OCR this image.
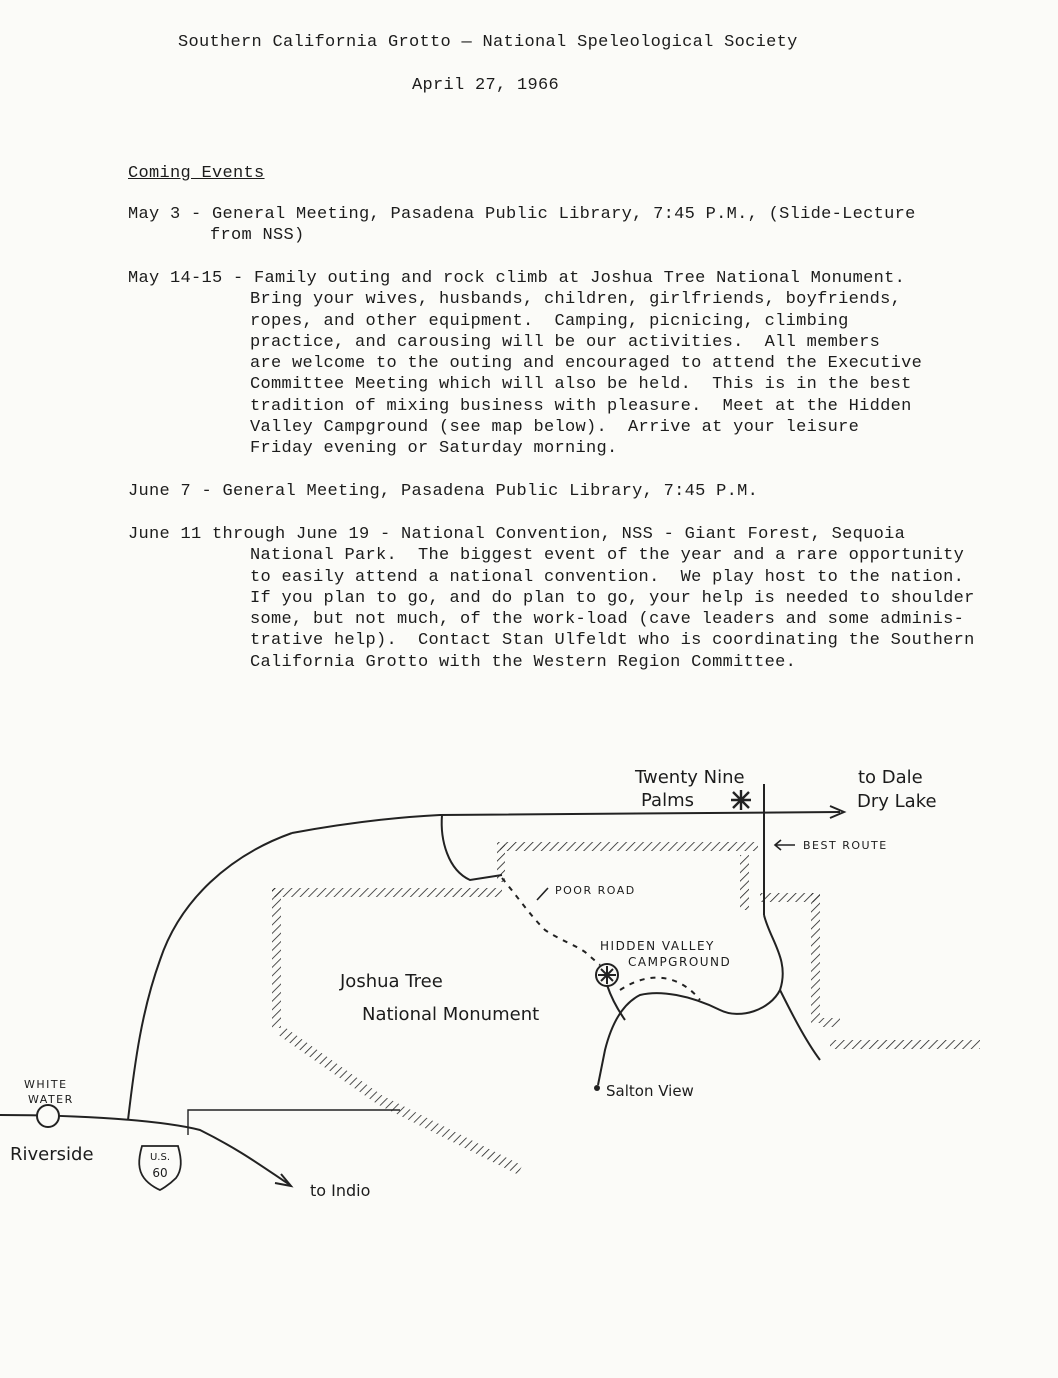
Southern California Grotto — National Speleological Society
April 27, 1966
Coming Events
May 3 - General Meeting, Pasadena Public Library, 7:45 P.M., (Slide-Lecture
from NSS)
May 14-15 - Family outing and rock climb at Joshua Tree National Monument.
Bring your wives, husbands, children, girlfriends, boyfriends,
ropes, and other equipment.  Camping, picnicing, climbing
practice, and carousing will be our activities.  All members
are welcome to the outing and encouraged to attend the Executive
Committee Meeting which will also be held.  This is in the best
tradition of mixing business with pleasure.  Meet at the Hidden
Valley Campground (see map below).  Arrive at your leisure
Friday evening or Saturday morning.
June 7 - General Meeting, Pasadena Public Library, 7:45 P.M.
June 11 through June 19 - National Convention, NSS - Giant Forest, Sequoia
National Park.  The biggest event of the year and a rare opportunity
to easily attend a national convention.  We play host to the nation.
If you plan to go, and do plan to go, your help is needed to shoulder
some, but not much, of the work-load (cave leaders and some adminis-
trative help).  Contact Stan Ulfeldt who is coordinating the Southern
California Grotto with the Western Region Committee.
U.S.
60
Twenty Nine
Palms
to Dale
Dry Lake
BEST ROUTE
POOR ROAD
HIDDEN VALLEY
CAMPGROUND
Joshua Tree
National Monument
Salton View
WHITE
WATER
Riverside
to Indio
